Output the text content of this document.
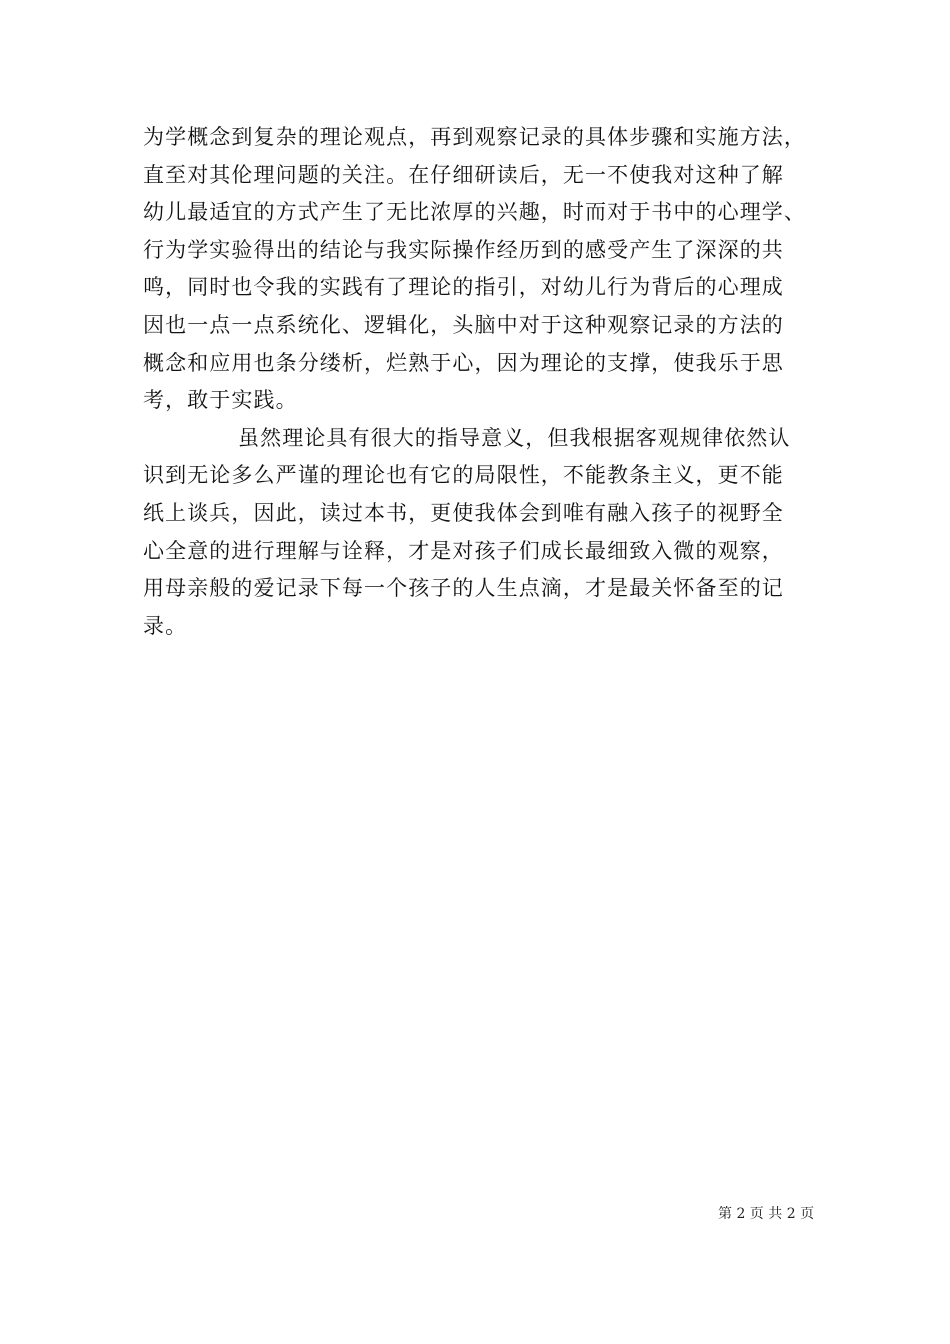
为学概念到复杂的理论观点，再到观察记录的具体步骤和实施方法，
直至对其伦理问题的关注。在仔细研读后，无一不使我对这种了解
幼儿最适宜的方式产生了无比浓厚的兴趣，时而对于书中的心理学、
行为学实验得出的结论与我实际操作经历到的感受产生了深深的共
鸣，同时也令我的实践有了理论的指引，对幼儿行为背后的心理成
因也一点一点系统化、逻辑化，头脑中对于这种观察记录的方法的
概念和应用也条分缕析，烂熟于心，因为理论的支撑，使我乐于思
考，敢于实践。
虽然理论具有很大的指导意义，但我根据客观规律依然认
识到无论多么严谨的理论也有它的局限性，不能教条主义，更不能
纸上谈兵，因此，读过本书，更使我体会到唯有融入孩子的视野全
心全意的进行理解与诠释，才是对孩子们成长最细致入微的观察，
用母亲般的爱记录下每一个孩子的人生点滴，才是最关怀备至的记
录。
第 2 页 共 2 页
